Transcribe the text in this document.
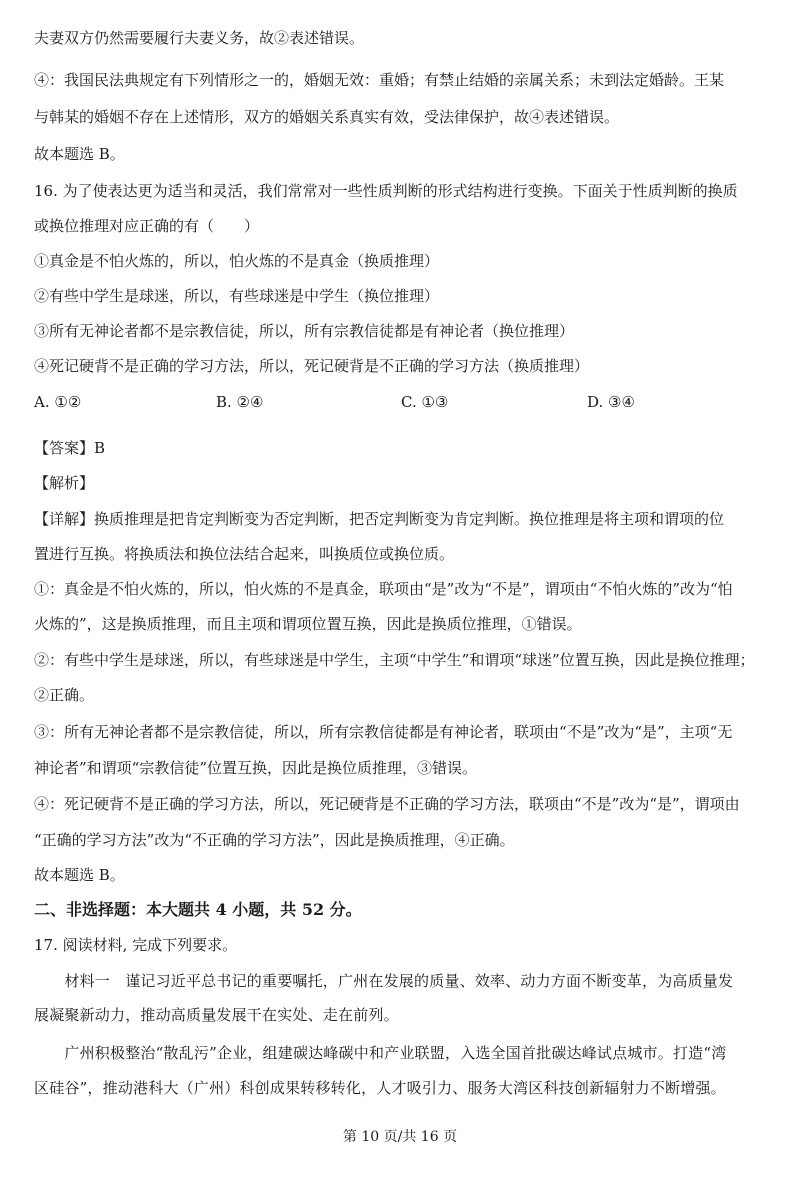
夫妻双方仍然需要履行夫妻义务，故②表述错误。
④：我国民法典规定有下列情形之一的，婚姻无效：重婚；有禁止结婚的亲属关系；未到法定婚龄。王某
与韩某的婚姻不存在上述情形，双方的婚姻关系真实有效，受法律保护，故④表述错误。
故本题选 B。
16. 为了使表达更为适当和灵活，我们常常对一些性质判断的形式结构进行变换。下面关于性质判断的换质
或换位推理对应正确的有（　　）
①真金是不怕火炼的，所以，怕火炼的不是真金（换质推理）
②有些中学生是球迷，所以，有些球迷是中学生（换位推理）
③所有无神论者都不是宗教信徒，所以，所有宗教信徒都是有神论者（换位推理）
④死记硬背不是正确的学习方法，所以，死记硬背是不正确的学习方法（换质推理）
A. ①②	B. ②④	C. ①③	D. ③④
【答案】B
【解析】
【详解】换质推理是把肯定判断变为否定判断，把否定判断变为肯定判断。换位推理是将主项和谓项的位
置进行互换。将换质法和换位法结合起来，叫换质位或换位质。
①：真金是不怕火炼的，所以，怕火炼的不是真金，联项由“是”改为“不是”，谓项由“不怕火炼的”改为“怕
火炼的”，这是换质推理，而且主项和谓项位置互换，因此是换质位推理，①错误。
②：有些中学生是球迷，所以，有些球迷是中学生，主项“中学生”和谓项“球迷”位置互换，因此是换位推理；
②正确。
③：所有无神论者都不是宗教信徒，所以，所有宗教信徒都是有神论者，联项由“不是”改为“是”，主项“无
神论者”和谓项“宗教信徒”位置互换，因此是换位质推理，③错误。
④：死记硬背不是正确的学习方法，所以，死记硬背是不正确的学习方法，联项由“不是”改为“是”，谓项由
“正确的学习方法”改为“不正确的学习方法”，因此是换质推理，④正确。
故本题选 B。
二、非选择题：本大题共 4 小题，共 52 分。
17. 阅读材料, 完成下列要求。
　　材料一　谨记习近平总书记的重要嘱托，广州在发展的质量、效率、动力方面不断变革，为高质量发
展凝聚新动力，推动高质量发展干在实处、走在前列。
　　广州积极整治“散乱污”企业，组建碳达峰碳中和产业联盟，入选全国首批碳达峰试点城市。打造“湾
区硅谷”，推动港科大（广州）科创成果转移转化，人才吸引力、服务大湾区科技创新辐射力不断增强。
第 10 页/共 16 页
